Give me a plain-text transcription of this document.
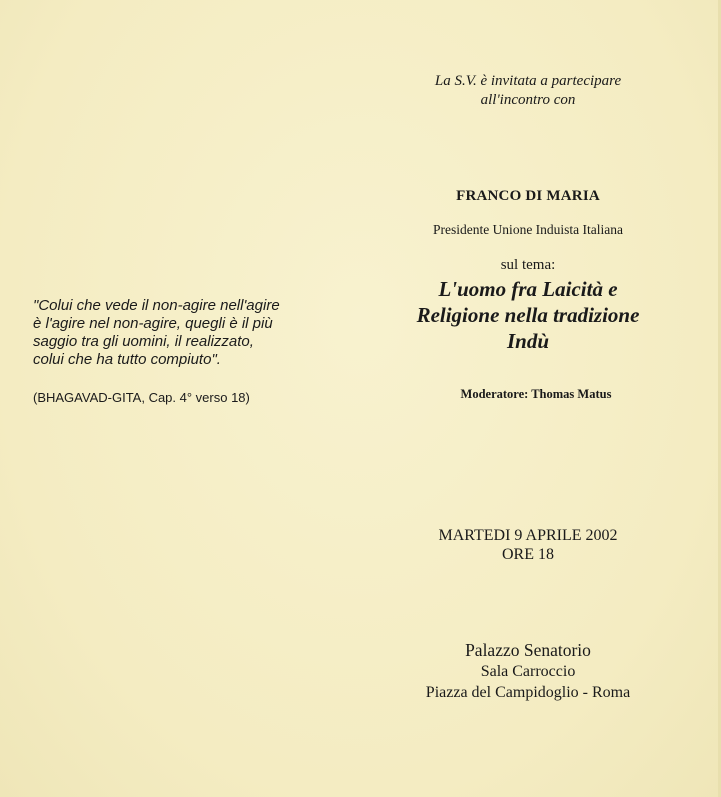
"Colui che vede il non-agire nell'agire
è l'agire nel non-agire, quegli è il più
saggio tra gli uomini, il realizzato,
colui che ha tutto compiuto".
(BHAGAVAD-GITA, Cap. 4° verso 18)
La S.V. è invitata a partecipare
all'incontro con
FRANCO DI MARIA
Presidente Unione Induista Italiana
sul tema:
L'uomo fra Laicità e
Religione nella tradizione
Indù
Moderatore: Thomas Matus
MARTEDI 9 APRILE 2002
ORE 18
Palazzo Senatorio
Sala Carroccio
Piazza del Campidoglio - Roma
